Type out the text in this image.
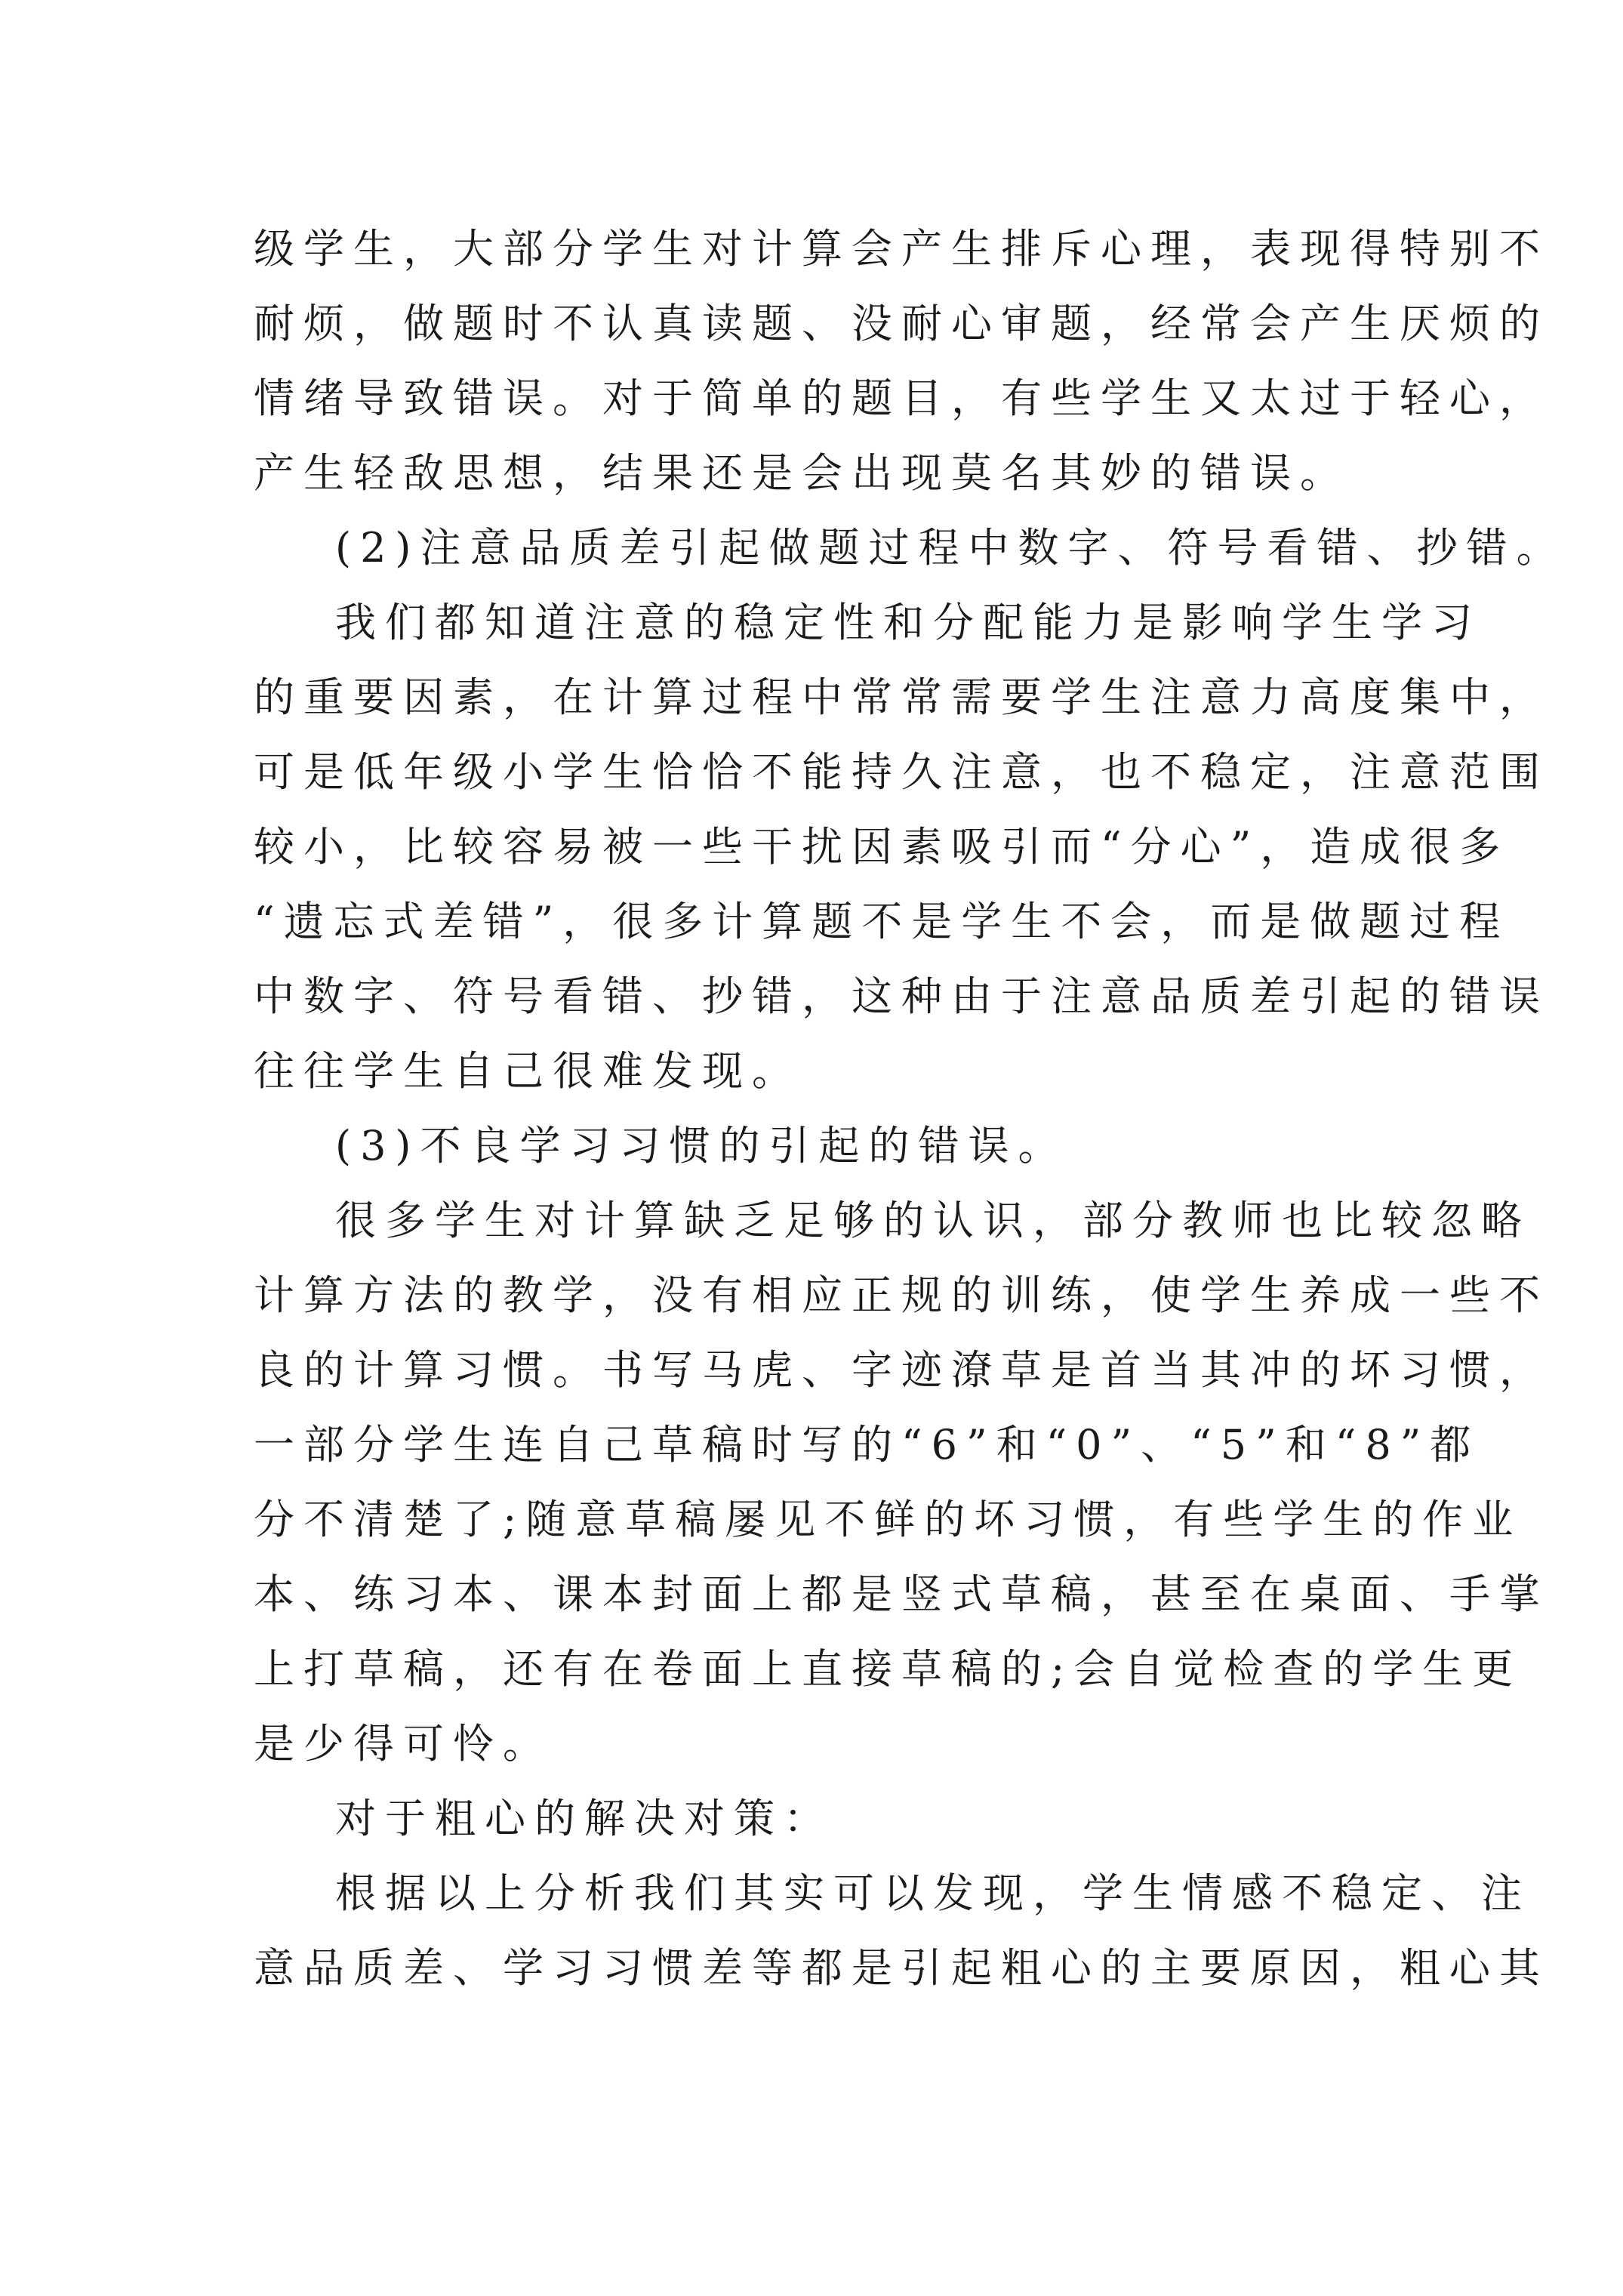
级学生，大部分学生对计算会产生排斥心理，表现得特别不
耐烦，做题时不认真读题、没耐心审题，经常会产生厌烦的
情绪导致错误。对于简单的题目，有些学生又太过于轻心，
产生轻敌思想，结果还是会出现莫名其妙的错误。
(2)注意品质差引起做题过程中数字、符号看错、抄错。
我们都知道注意的稳定性和分配能力是影响学生学习
的重要因素，在计算过程中常常需要学生注意力高度集中，
可是低年级小学生恰恰不能持久注意，也不稳定，注意范围
较小，比较容易被一些干扰因素吸引而“分心”，造成很多
“遗忘式差错”，很多计算题不是学生不会，而是做题过程
中数字、符号看错、抄错，这种由于注意品质差引起的错误
往往学生自己很难发现。
(3)不良学习习惯的引起的错误。
很多学生对计算缺乏足够的认识，部分教师也比较忽略
计算方法的教学，没有相应正规的训练，使学生养成一些不
良的计算习惯。书写马虎、字迹潦草是首当其冲的坏习惯，
一部分学生连自己草稿时写的“6”和“0”、“5”和“8”都
分不清楚了;随意草稿屡见不鲜的坏习惯，有些学生的作业
本、练习本、课本封面上都是竖式草稿，甚至在桌面、手掌
上打草稿，还有在卷面上直接草稿的;会自觉检查的学生更
是少得可怜。
对于粗心的解决对策：
根据以上分析我们其实可以发现，学生情感不稳定、注
意品质差、学习习惯差等都是引起粗心的主要原因，粗心其
